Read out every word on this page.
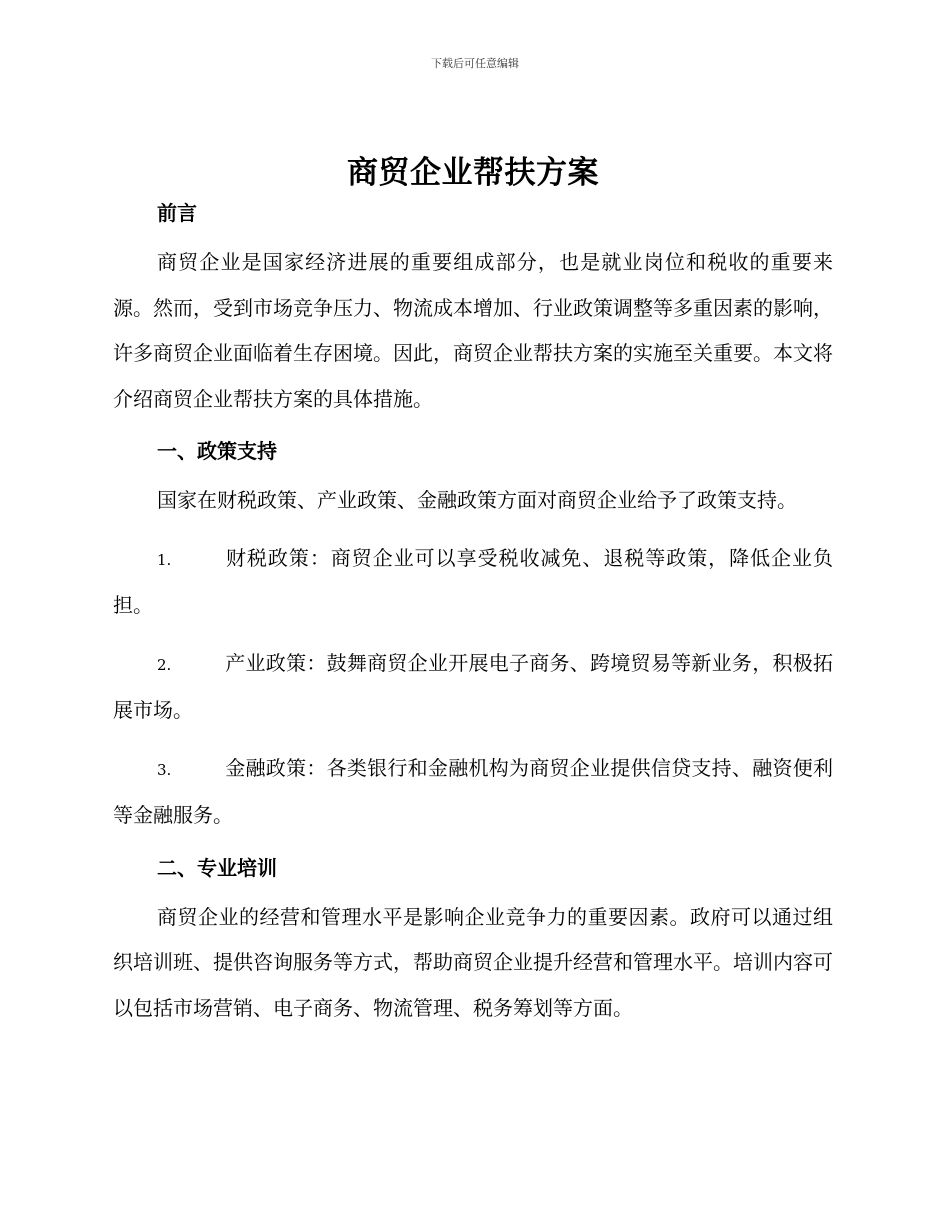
下载后可任意编辑
商贸企业帮扶方案
前言

商贸企业是国家经济进展的重要组成部分，也是就业岗位和税收的重要来源。然而，受到市场竞争压力、物流成本增加、行业政策调整等多重因素的影响，许多商贸企业面临着生存困境。因此，商贸企业帮扶方案的实施至关重要。本文将介绍商贸企业帮扶方案的具体措施。

一、政策支持

国家在财税政策、产业政策、金融政策方面对商贸企业给予了政策支持。

1.	财税政策：商贸企业可以享受税收减免、退税等政策，降低企业负担。

2.	产业政策：鼓舞商贸企业开展电子商务、跨境贸易等新业务，积极拓展市场。

3.	金融政策：各类银行和金融机构为商贸企业提供信贷支持、融资便利等金融服务。

二、专业培训

商贸企业的经营和管理水平是影响企业竞争力的重要因素。政府可以通过组织培训班、提供咨询服务等方式，帮助商贸企业提升经营和管理水平。培训内容可以包括市场营销、电子商务、物流管理、税务筹划等方面。
